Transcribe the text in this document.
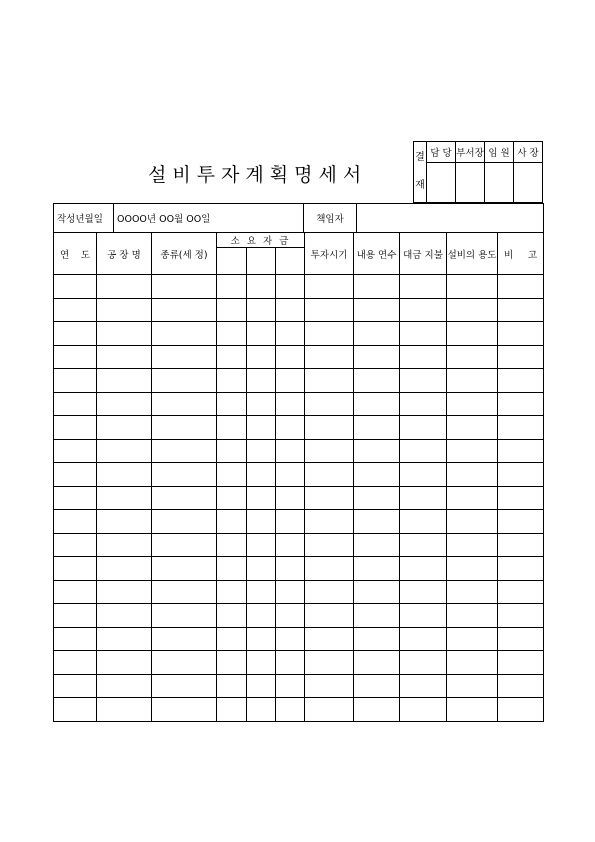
설비투자계획명세서
결
재	담 당	부서장	임 원	사 장

작성년월일	OOOO년 OO월 OO일	책임자	
연 도	공 장 명	종류(세 정)	소 요 자 금			투자시기	내용 연수	대금 지불	설비의 용도	비 고
